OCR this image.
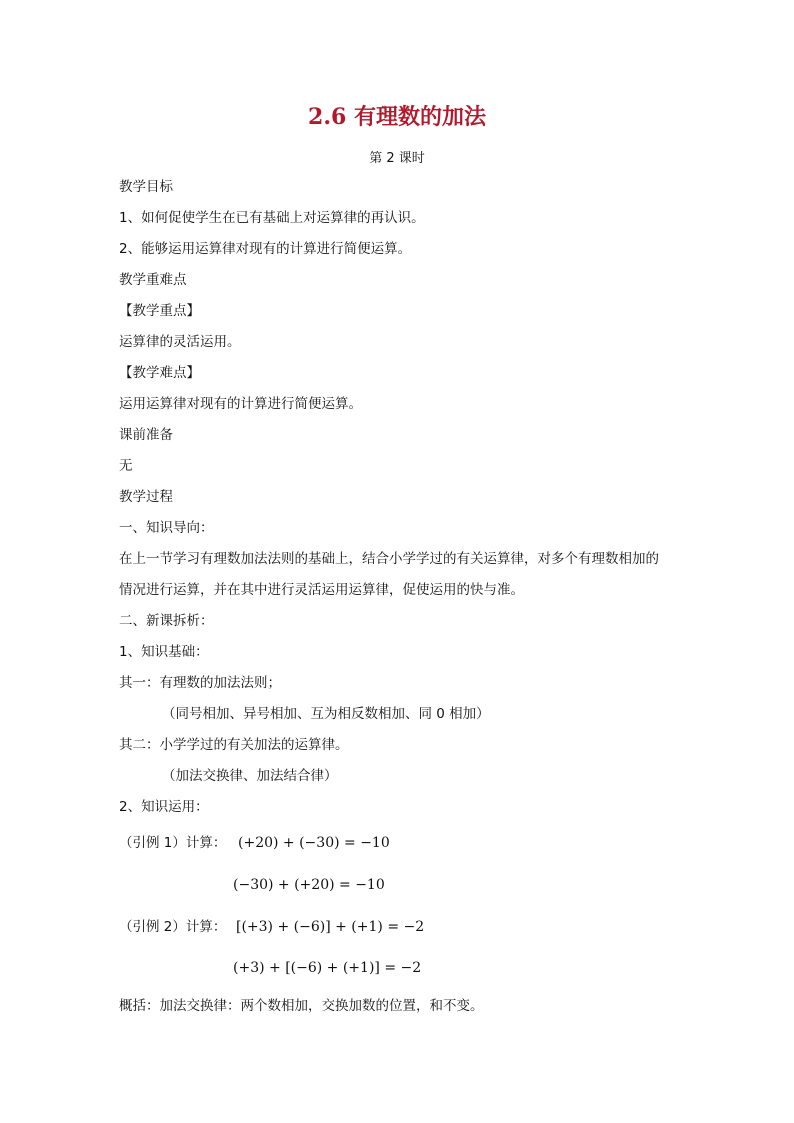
2.6 有理数的加法
第 2 课时
教学目标
1、如何促使学生在已有基础上对运算律的再认识。
2、能够运用运算律对现有的计算进行简便运算。
教学重难点
【教学重点】
运算律的灵活运用。
【教学难点】
运用运算律对现有的计算进行简便运算。
课前准备
无
教学过程
一、知识导向：
在上一节学习有理数加法法则的基础上，结合小学学过的有关运算律，对多个有理数相加的
情况进行运算，并在其中进行灵活运用运算律，促使运用的快与准。
二、新课拆析：
1、知识基础：
其一：有理数的加法法则；
（同号相加、异号相加、互为相反数相加、同 0 相加）
其二：小学学过的有关加法的运算律。
（加法交换律、加法结合律）
2、知识运用：
（引例 1）计算： (+20) + (−30) = −10
(−30) + (+20) = −10
（引例 2）计算： [(+3) + (−6)] + (+1) = −2
(+3) + [(−6) + (+1)] = −2
概括：加法交换律：两个数相加，交换加数的位置，和不变。
